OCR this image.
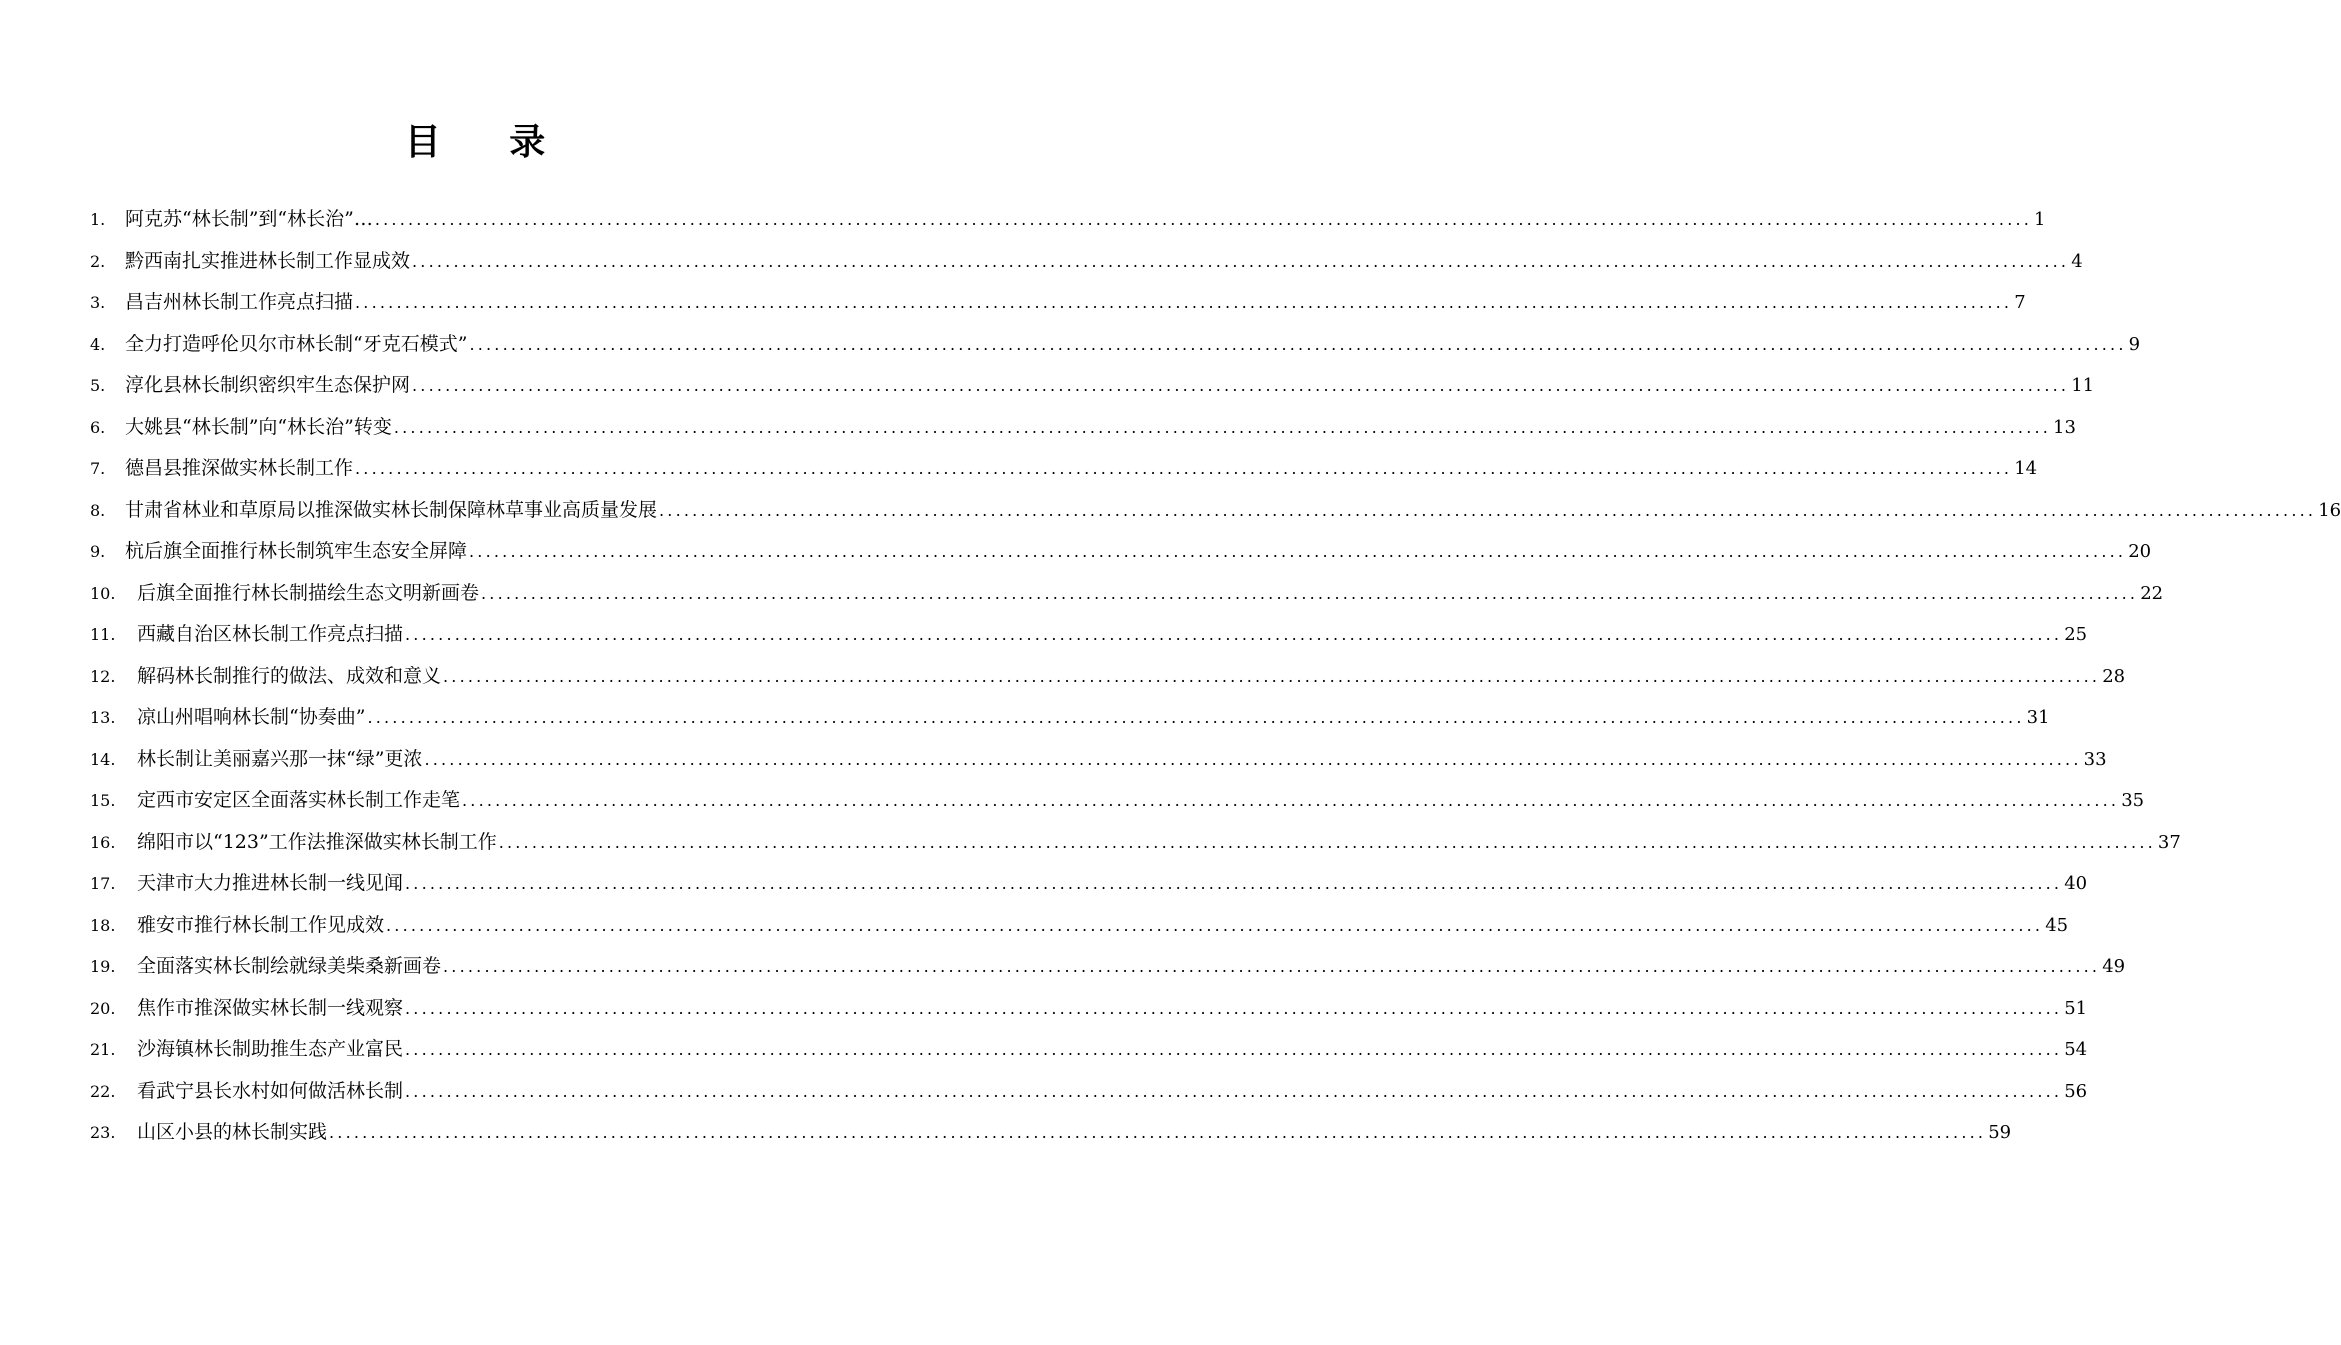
目 录
1.	阿克苏“林长制”到“林长治”… ........................................................................................................................................................................................................ 1
2.	黔西南扎实推进林长制工作显成效 ........................................................................................................................................................................................................ 4
3.	昌吉州林长制工作亮点扫描 ........................................................................................................................................................................................................ 7
4.	全力打造呼伦贝尔市林长制“牙克石模式” ........................................................................................................................................................................................................ 9
5.	淳化县林长制织密织牢生态保护网 ........................................................................................................................................................................................................ 11
6.	大姚县“林长制”向“林长治”转变 ........................................................................................................................................................................................................ 13
7.	德昌县推深做实林长制工作 ........................................................................................................................................................................................................ 14
8.	甘肃省林业和草原局以推深做实林长制保障林草事业高质量发展 ........................................................................................................................................................................................................ 16
9.	杭后旗全面推行林长制筑牢生态安全屏障 ........................................................................................................................................................................................................ 20
10.	后旗全面推行林长制描绘生态文明新画卷 ........................................................................................................................................................................................................ 22
11.	西藏自治区林长制工作亮点扫描 ........................................................................................................................................................................................................ 25
12.	解码林长制推行的做法、成效和意义 ........................................................................................................................................................................................................ 28
13.	凉山州唱响林长制“协奏曲” ........................................................................................................................................................................................................ 31
14.	林长制让美丽嘉兴那一抹“绿”更浓 ........................................................................................................................................................................................................ 33
15.	定西市安定区全面落实林长制工作走笔 ........................................................................................................................................................................................................ 35
16.	绵阳市以“123”工作法推深做实林长制工作 ........................................................................................................................................................................................................ 37
17.	天津市大力推进林长制一线见闻 ........................................................................................................................................................................................................ 40
18.	雅安市推行林长制工作见成效 ........................................................................................................................................................................................................ 45
19.	全面落实林长制绘就绿美柴桑新画卷 ........................................................................................................................................................................................................ 49
20.	焦作市推深做实林长制一线观察 ........................................................................................................................................................................................................ 51
21.	沙海镇林长制助推生态产业富民 ........................................................................................................................................................................................................ 54
22.	看武宁县长水村如何做活林长制 ........................................................................................................................................................................................................ 56
23.	山区小县的林长制实践 ........................................................................................................................................................................................................ 59
